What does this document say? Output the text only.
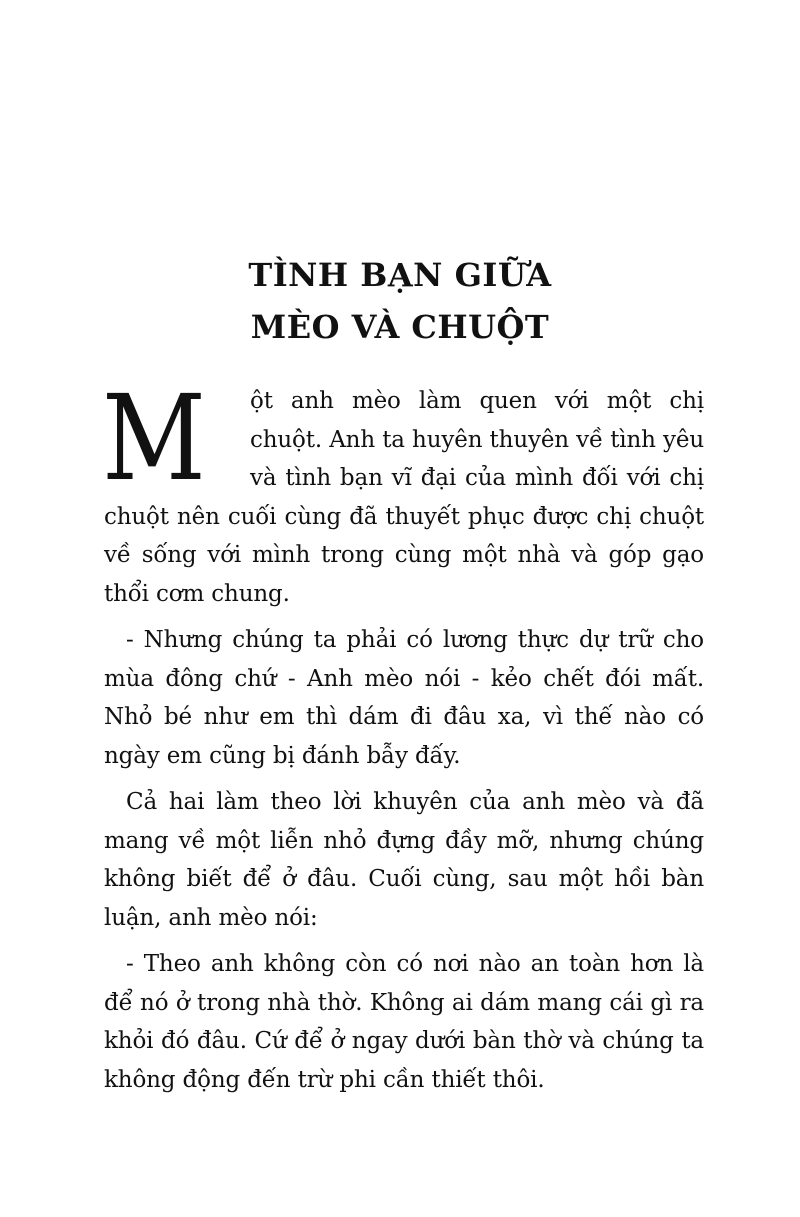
TÌNH BẠN GIỮA
MÈO VÀ CHUỘT

M	ột anh mèo làm quen với một chị chuột. Anh ta huyên thuyên về tình yêu và tình bạn vĩ đại của mình đối với chị chuột nên cuối cùng đã thuyết phục được chị chuột về sống với mình trong cùng một nhà và góp gạo thổi cơm chung.

- Nhưng chúng ta phải có lương thực dự trữ cho mùa đông chứ - Anh mèo nói - kẻo chết đói mất. Nhỏ bé như em thì dám đi đâu xa, vì thế nào có ngày em cũng bị đánh bẫy đấy.

Cả hai làm theo lời khuyên của anh mèo và đã mang về một liễn nhỏ đựng đầy mỡ, nhưng chúng không biết để ở đâu. Cuối cùng, sau một hồi bàn luận, anh mèo nói:

- Theo anh không còn có nơi nào an toàn hơn là để nó ở trong nhà thờ. Không ai dám mang cái gì ra khỏi đó đâu. Cứ để ở ngay dưới bàn thờ và chúng ta không động đến trừ phi cần thiết thôi.
